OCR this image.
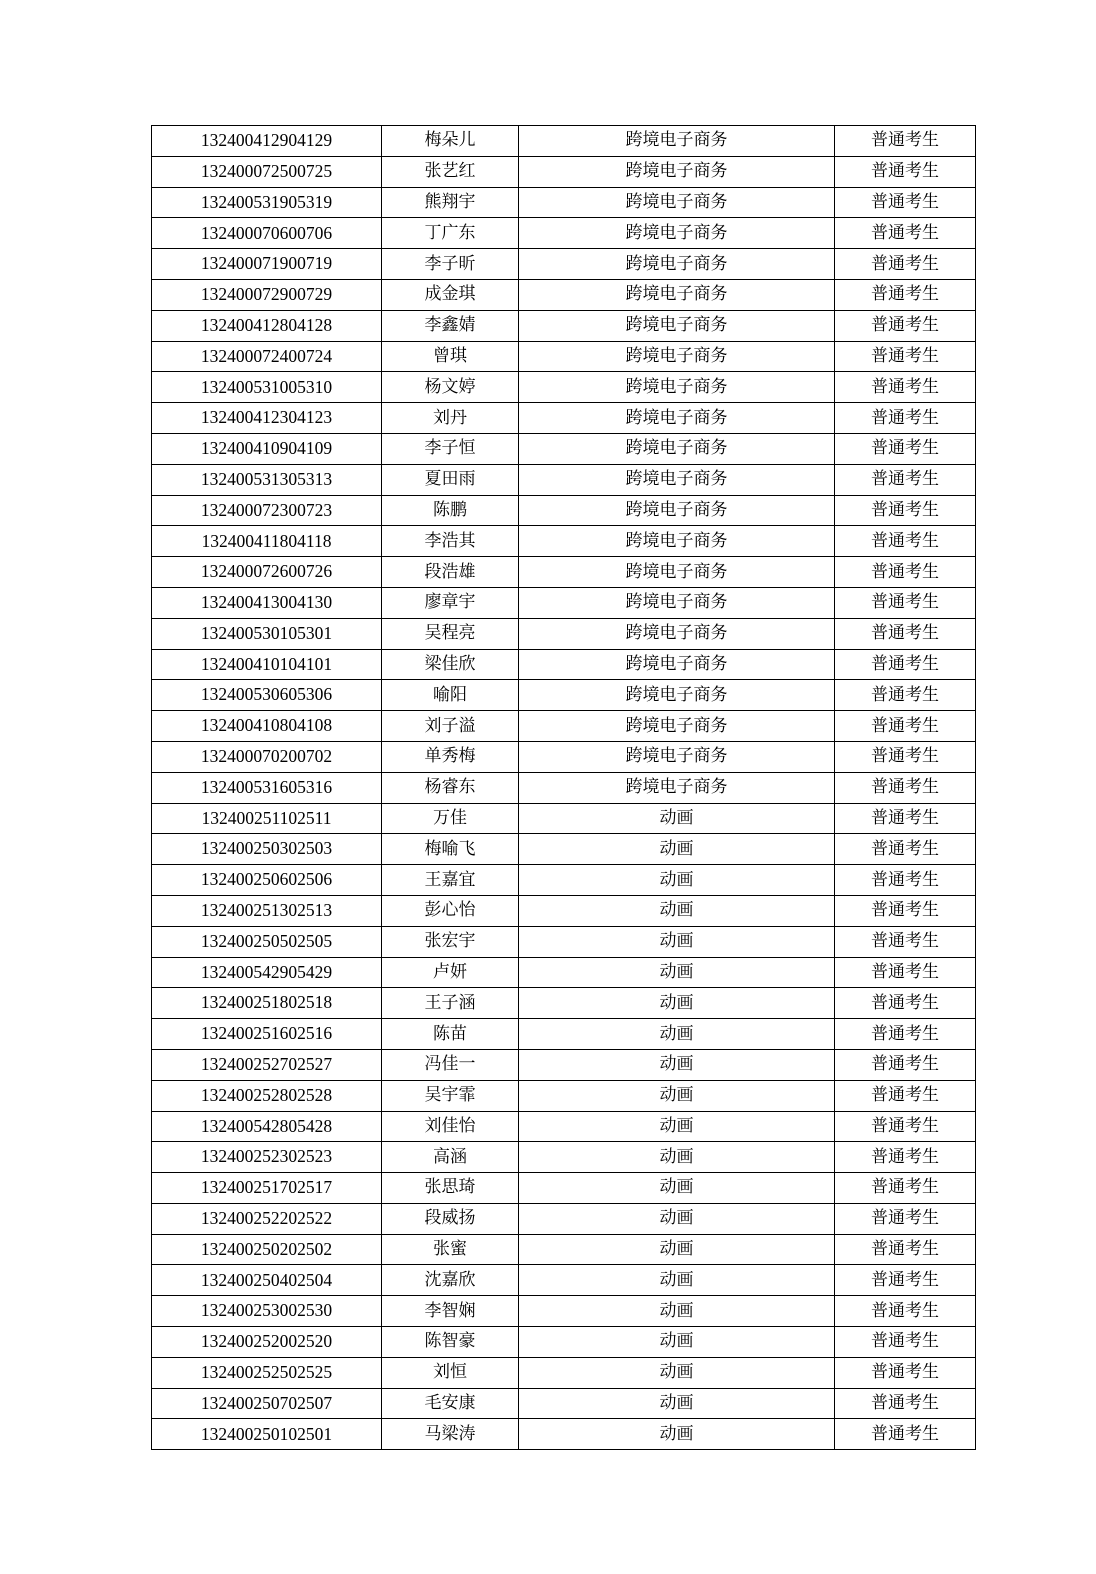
132400412904129	梅朵儿	跨境电子商务	普通考生
132400072500725	张艺红	跨境电子商务	普通考生
132400531905319	熊翔宇	跨境电子商务	普通考生
132400070600706	丁广东	跨境电子商务	普通考生
132400071900719	李子昕	跨境电子商务	普通考生
132400072900729	成金琪	跨境电子商务	普通考生
132400412804128	李鑫婧	跨境电子商务	普通考生
132400072400724	曾琪	跨境电子商务	普通考生
132400531005310	杨文婷	跨境电子商务	普通考生
132400412304123	刘丹	跨境电子商务	普通考生
132400410904109	李子恒	跨境电子商务	普通考生
132400531305313	夏田雨	跨境电子商务	普通考生
132400072300723	陈鹏	跨境电子商务	普通考生
132400411804118	李浩其	跨境电子商务	普通考生
132400072600726	段浩雄	跨境电子商务	普通考生
132400413004130	廖章宇	跨境电子商务	普通考生
132400530105301	吴程亮	跨境电子商务	普通考生
132400410104101	梁佳欣	跨境电子商务	普通考生
132400530605306	喻阳	跨境电子商务	普通考生
132400410804108	刘子溢	跨境电子商务	普通考生
132400070200702	单秀梅	跨境电子商务	普通考生
132400531605316	杨睿东	跨境电子商务	普通考生
132400251102511	万佳	动画	普通考生
132400250302503	梅喻飞	动画	普通考生
132400250602506	王嘉宜	动画	普通考生
132400251302513	彭心怡	动画	普通考生
132400250502505	张宏宇	动画	普通考生
132400542905429	卢妍	动画	普通考生
132400251802518	王子涵	动画	普通考生
132400251602516	陈苗	动画	普通考生
132400252702527	冯佳一	动画	普通考生
132400252802528	吴宇霏	动画	普通考生
132400542805428	刘佳怡	动画	普通考生
132400252302523	高涵	动画	普通考生
132400251702517	张思琦	动画	普通考生
132400252202522	段威扬	动画	普通考生
132400250202502	张蜜	动画	普通考生
132400250402504	沈嘉欣	动画	普通考生
132400253002530	李智娴	动画	普通考生
132400252002520	陈智豪	动画	普通考生
132400252502525	刘恒	动画	普通考生
132400250702507	毛安康	动画	普通考生
132400250102501	马梁涛	动画	普通考生
